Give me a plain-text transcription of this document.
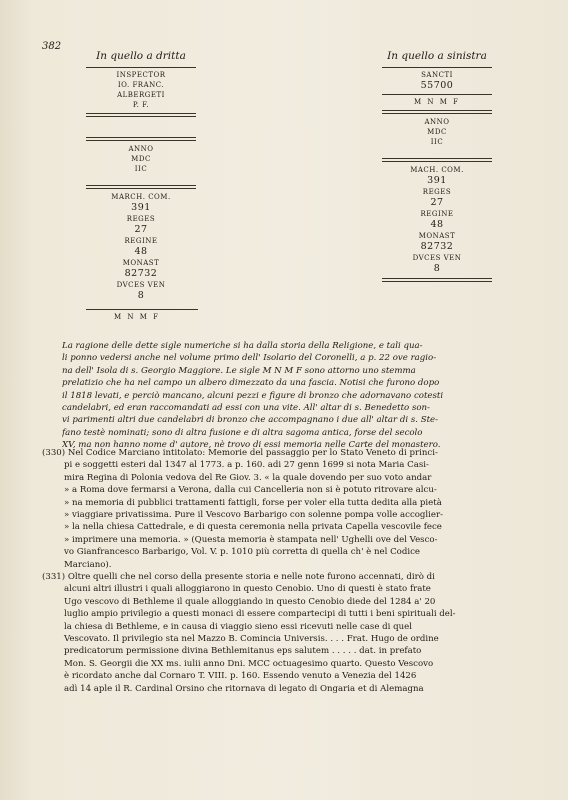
382
In quello a dritta
INSPECTOR
IO. FRANC.
ALBERGETI
P. F.
ANNO
MDC
IIC
MARCH. COM.
391
REGES
27
REGINE
48
MONAST
82732
DVCES VEN
8
M N M F
In quello a sinistra
SANCTI
55700
M N M F
ANNO
MDC
IIC
MACH. COM.
391
REGES
27
REGINE
48
MONAST
82732
DVCES VEN
8
La ragione delle dette sigle numeriche si ha dalla storia della Religione, e tali qua-
li ponno vedersi anche nel volume primo dell' Isolario del Coronelli, a p. 22 ove ragio-
na dell' Isola di s. Georgio Maggiore. Le sigle M N M F sono attorno uno stemma
prelatizio che ha nel campo un albero dimezzato da una fascia. Notisi che furono dopo
il 1818 levati, e perciò mancano, alcuni pezzi e figure di bronzo che adornavano cotesti
candelabri, ed eran raccomandati ad essi con una vite. All' altar di s. Benedetto son-
vi parimenti altri due candelabri di bronzo che accompagnano i due all' altar di s. Ste-
fano testè nominati; sono di altra fusione e di altra sagoma antica, forse del secolo
XV, ma non hanno nome d' autore, nè trovo di essi memoria nelle Carte del monastero.
(330) Nel Codice Marciano intitolato: Memorie del passaggio per lo Stato Veneto di princi-
pi e soggetti esteri dal 1347 al 1773. a p. 160. adi 27 genn 1699 si nota Maria Casi-
mira Regina di Polonia vedova del Re Giov. 3. « la quale dovendo per suo voto andar
» a Roma dove fermarsi a Verona, dalla cui Cancelleria non si è potuto ritrovare alcu-
» na memoria di pubblici trattamenti fattigli, forse per voler ella tutta dedita alla pietà
» viaggiare privatissima. Pure il Vescovo Barbarigo con solenne pompa volle accoglier-
» la nella chiesa Cattedrale, e di questa ceremonia nella privata Capella vescovile fece
» imprimere una memoria. » (Questa memoria è stampata nell' Ughelli ove del Vesco-
vo Gianfrancesco Barbarigo, Vol. V. p. 1010 più corretta di quella ch' è nel Codice
Marciano).
(331) Oltre quelli che nel corso della presente storia e nelle note furono accennati, dirò di
alcuni altri illustri i quali alloggiarono in questo Cenobio. Uno di questi è stato frate
Ugo vescovo di Bethleme il quale alloggiando in questo Cenobio diede del 1284 a' 20
luglio ampio privilegio a questi monaci di essere compartecipi di tutti i beni spirituali del-
la chiesa di Bethleme, e in causa di viaggio sieno essi ricevuti nelle case di quel
Vescovato. Il privilegio sta nel Mazzo B. Comincia Universis. . . . Frat. Hugo de ordine
predicatorum permissione divina Bethlemitanus eps salutem . . . . . dat. in prefato
Mon. S. Georgii die XX ms. iulii anno Dni. MCC octuagesimo quarto. Questo Vescovo
è ricordato anche dal Cornaro T. VIII. p. 160. Essendo venuto a Venezia del 1426
adì 14 aple il R. Cardinal Orsino che ritornava di legato di Ongaria et di Alemagna
